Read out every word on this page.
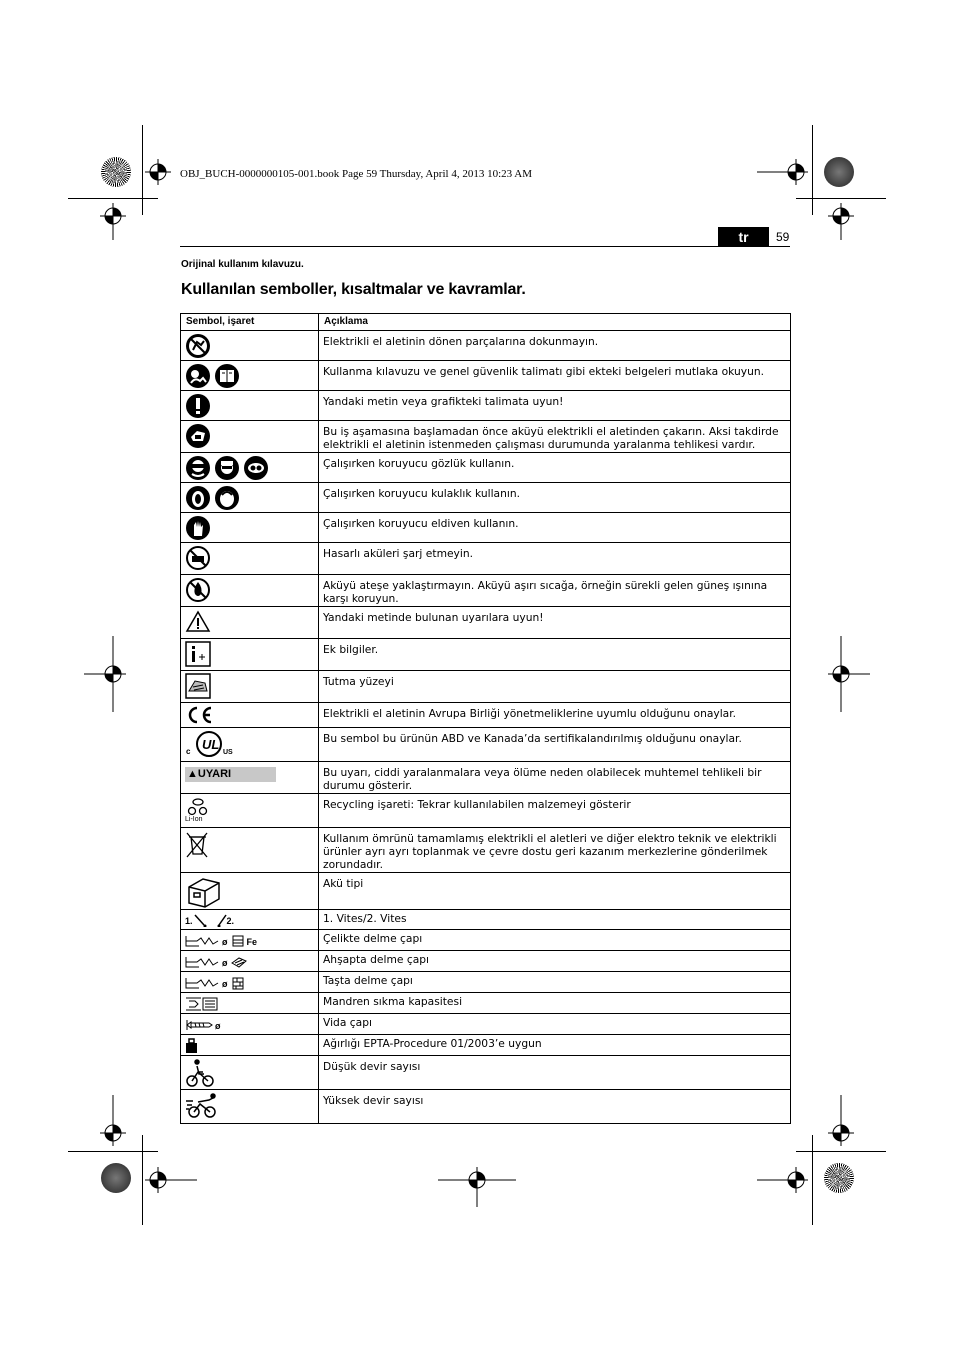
OBJ_BUCH-0000000105-001.book Page 59 Thursday, April 4, 2013 10:23 AM
tr	59
Orijinal kullanım kılavuzu.
Kullanılan semboller, kısaltmalar ve kavramlar.
Sembol, işaret	Açıklama
	Elektrikli el aletinin dönen parçalarına dokunmayın.
	Kullanma kılavuzu ve genel güvenlik talimatı gibi ekteki belgeleri mutlaka okuyun.
	Yandaki metin veya grafikteki talimata uyun!
	Bu iş aşamasına başlamadan önce aküyü elektrikli el aletinden çakarın. Aksi takdirde elektrikli el aletinin istenmeden çalışması durumunda yaralanma tehlikesi vardır.
	Çalışırken koruyucu gözlük kullanın.
	Çalışırken koruyucu kulaklık kullanın.
	Çalışırken koruyucu eldiven kullanın.
	Hasarlı aküleri şarj etmeyin.
	Aküyü ateşe yaklaştırmayın. Aküyü aşırı sıcağa, örneğin sürekli gelen güneş ışınına karşı koruyun.
	Yandaki metinde bulunan uyarılara uyun!
	Ek bilgiler.
	Tutma yüzeyi
	Elektrikli el aletinin Avrupa Birliği yönetmeliklerine uyumlu olduğunu onaylar.

UL
c US	Bu sembol bu ürünün ABD ve Kanada’da sertifikalandırılmış olduğunu onaylar.
▲UYARI	Bu uyarı, ciddi yaralanmalara veya ölüme neden olabilecek muhtemel tehlikeli bir durumu gösterir.

Li-Ion	Recycling işareti: Tekrar kullanılabilen malzemeyi gösterir
	Kullanım ömrünü tamamlamış elektrikli el aletleri ve diğer elektro teknik ve elektrikli ürünler ayrı ayrı toplanmak ve çevre dostu geri kazanım merkezlerine gönderilmek zorundadır.
	Akü tipi
1. 2.	1. Vites/2. Vites
ø Fe	Çelikte delme çapı
ø	Ahşapta delme çapı
ø	Taşta delme çapı
	Mandren sıkma kapasitesi
ø	Vida çapı
	Ağırlığı EPTA-Procedure 01/2003’e uygun
	Düşük devir sayısı
	Yüksek devir sayısı
